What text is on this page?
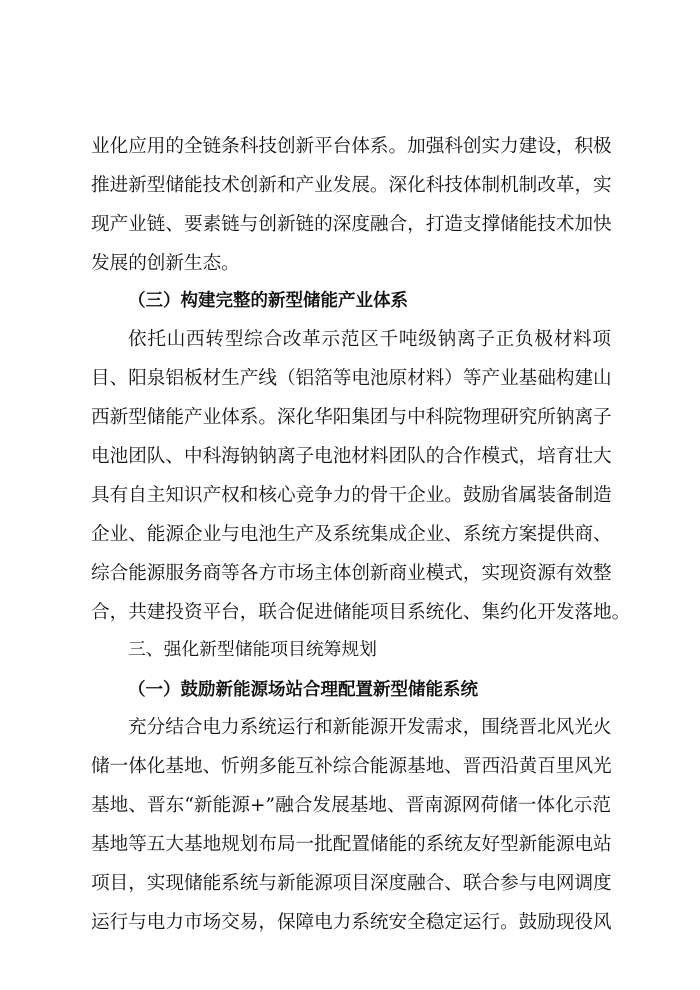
业化应用的全链条科技创新平台体系。加强科创实力建设，积极
推进新型储能技术创新和产业发展。深化科技体制机制改革，实
现产业链、要素链与创新链的深度融合，打造支撑储能技术加快
发展的创新生态。
（三）构建完整的新型储能产业体系
依托山西转型综合改革示范区千吨级钠离子正负极材料项
目、阳泉铝板材生产线（铝箔等电池原材料）等产业基础构建山
西新型储能产业体系。深化华阳集团与中科院物理研究所钠离子
电池团队、中科海钠钠离子电池材料团队的合作模式，培育壮大
具有自主知识产权和核心竞争力的骨干企业。鼓励省属装备制造
企业、能源企业与电池生产及系统集成企业、系统方案提供商、
综合能源服务商等各方市场主体创新商业模式，实现资源有效整
合，共建投资平台，联合促进储能项目系统化、集约化开发落地。
三、强化新型储能项目统筹规划
（一）鼓励新能源场站合理配置新型储能系统
充分结合电力系统运行和新能源开发需求，围绕晋北风光火
储一体化基地、忻朔多能互补综合能源基地、晋西沿黄百里风光
基地、晋东“新能源+”融合发展基地、晋南源网荷储一体化示范
基地等五大基地规划布局一批配置储能的系统友好型新能源电站
项目，实现储能系统与新能源项目深度融合、联合参与电网调度
运行与电力市场交易，保障电力系统安全稳定运行。鼓励现役风
